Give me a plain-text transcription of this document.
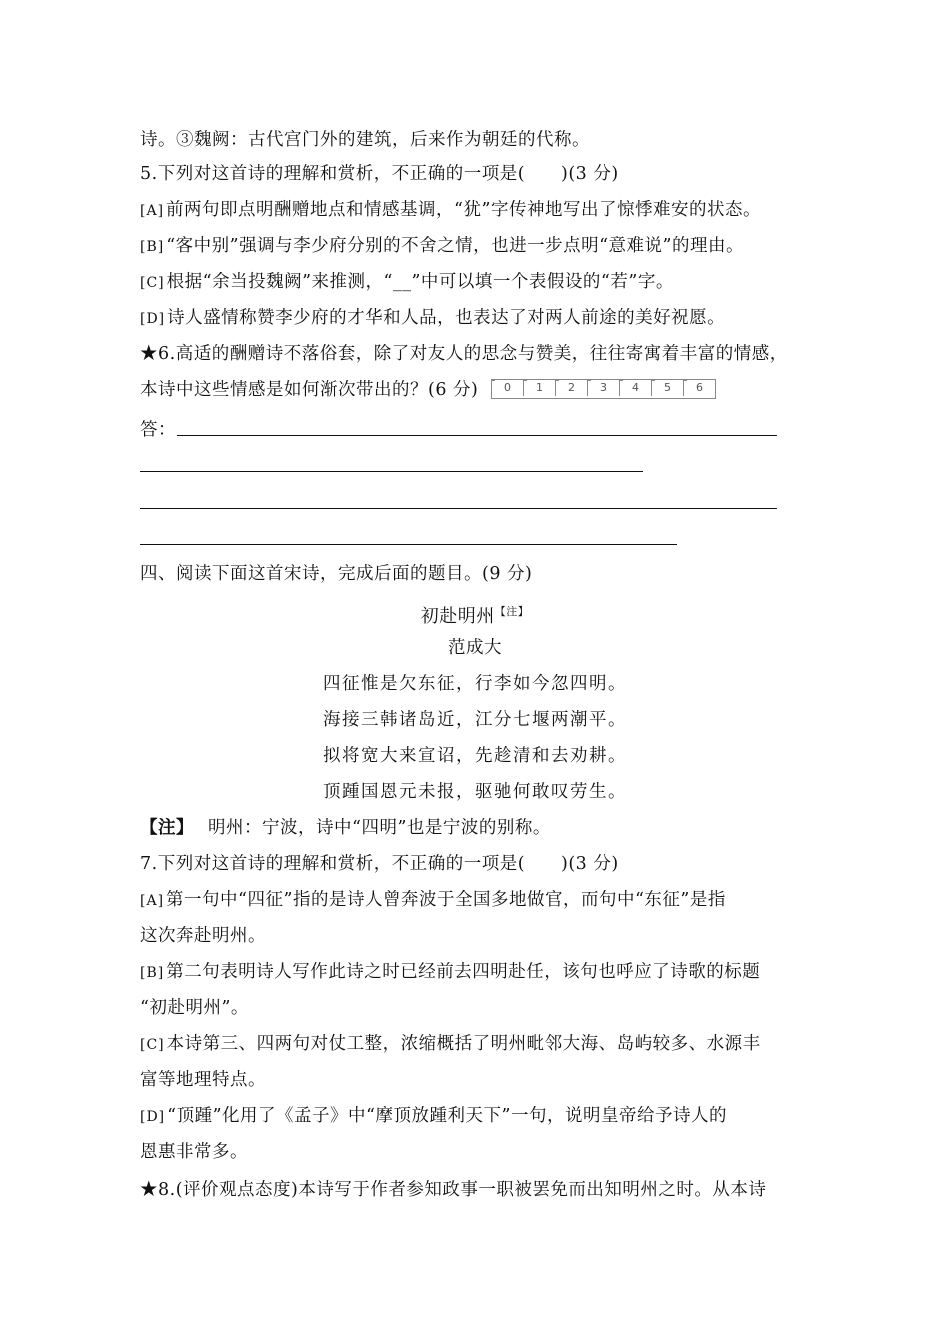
诗。③魏阙：古代宫门外的建筑，后来作为朝廷的代称。
5.下列对这首诗的理解和赏析，不正确的一项是(　　)(3 分)
[A] 前两句即点明酬赠地点和情感基调，“犹”字传神地写出了惊悸难安的状态。
[B] “客中别”强调与李少府分别的不舍之情，也进一步点明“意难说”的理由。
[C] 根据“余当投魏阙”来推测，“__”中可以填一个表假设的“若”字。
[D] 诗人盛情称赞李少府的才华和人品，也表达了对两人前途的美好祝愿。
★6.高适的酬赠诗不落俗套，除了对友人的思念与赞美，往往寄寓着丰富的情感，
本诗中这些情感是如何渐次带出的？(6 分)	0	1	2	3	4	5	6
答：
四、阅读下面这首宋诗，完成后面的题目。(9 分)
初赴明州$^{【注】}$
范成大
四征惟是欠东征，行李如今忽四明。
海接三韩诸岛近，江分七堰两潮平。
拟将宽大来宣诏，先趁清和去劝耕。
顶踵国恩元未报，驱驰何敢叹劳生。
【注】 明州：宁波，诗中“四明”也是宁波的别称。
7.下列对这首诗的理解和赏析，不正确的一项是(　　)(3 分)
[A] 第一句中“四征”指的是诗人曾奔波于全国多地做官，而句中“东征”是指
这次奔赴明州。
[B] 第二句表明诗人写作此诗之时已经前去四明赴任，该句也呼应了诗歌的标题
“初赴明州”。
[C] 本诗第三、四两句对仗工整，浓缩概括了明州毗邻大海、岛屿较多、水源丰
富等地理特点。
[D] “顶踵”化用了《孟子》中“摩顶放踵利天下”一句，说明皇帝给予诗人的
恩惠非常多。
★8.(评价观点态度)本诗写于作者参知政事一职被罢免而出知明州之时。从本诗
